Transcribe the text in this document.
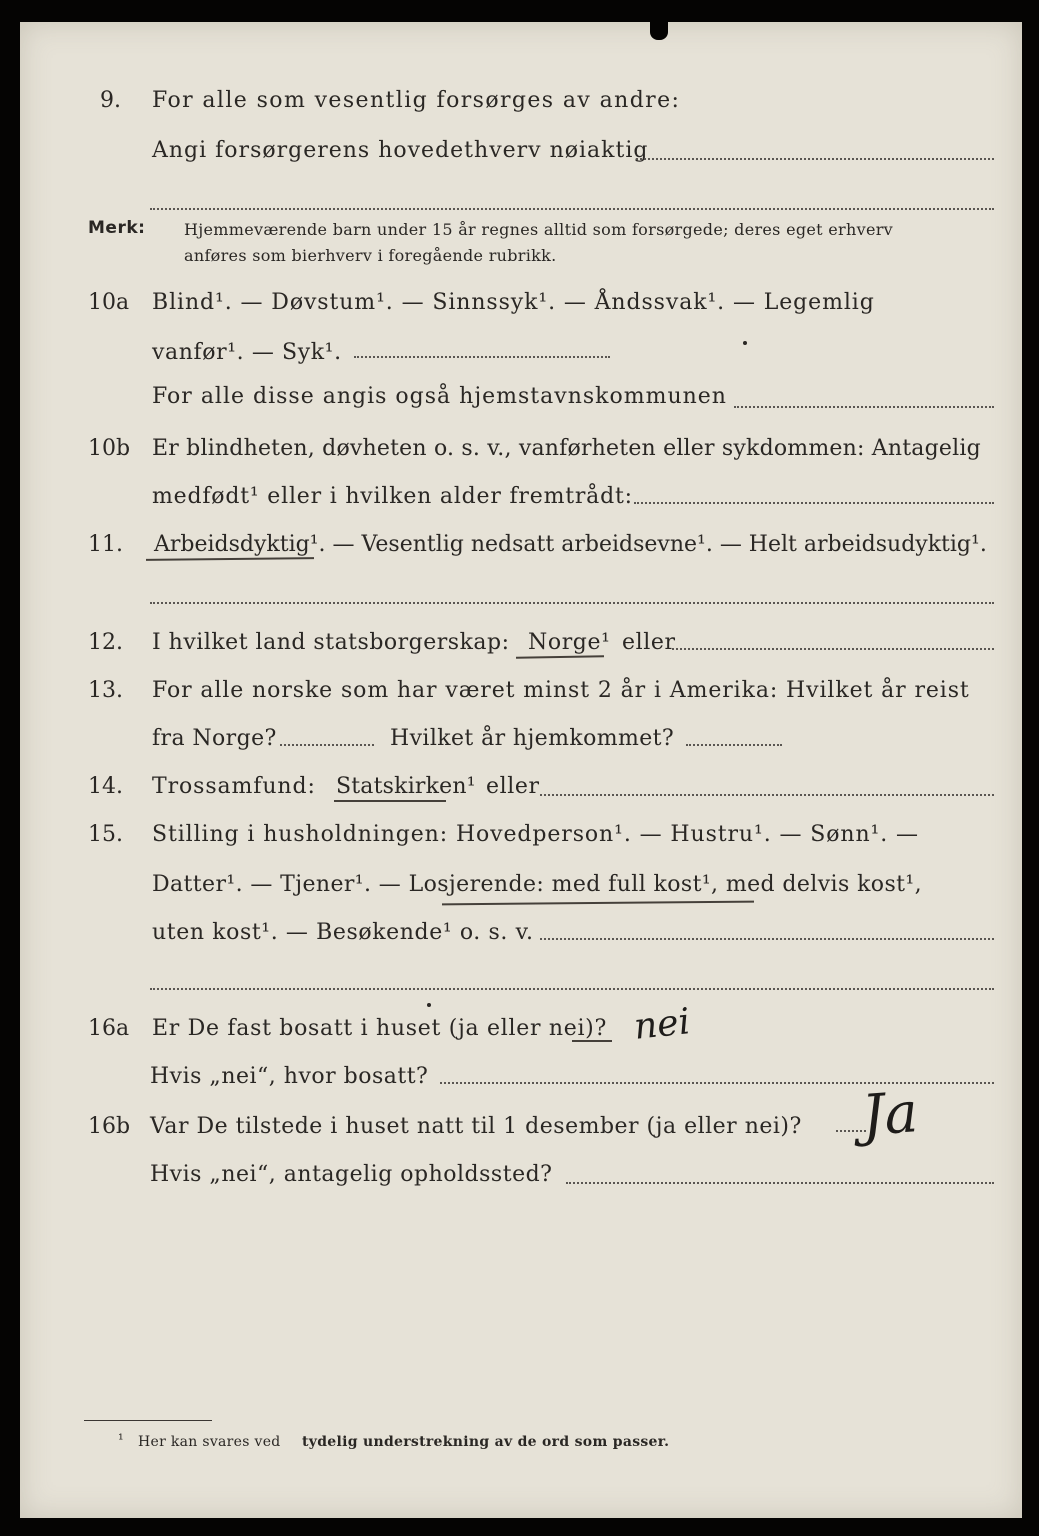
9. For alle som vesentlig forsørges av andre:
Angi forsørgerens hovedethverv nøiaktig
Merk: Hjemmeværende barn under 15 år regnes alltid som forsørgede; deres eget erhverv
anføres som bierhverv i foregående rubrikk.
10a Blind¹. — Døvstum¹. — Sinnssyk¹. — Åndssvak¹. — Legemlig
vanfør¹. — Syk¹.
For alle disse angis også hjemstavnskommunen
10b Er blindheten, døvheten o. s. v., vanførheten eller sykdommen: Antagelig
medfødt¹ eller i hvilken alder fremtrådt:
11. Arbeidsdyktig¹. — Vesentlig nedsatt arbeidsevne¹. — Helt arbeidsudyktig¹.
12. I hvilket land statsborgerskap: Norge¹ eller
13. For alle norske som har været minst 2 år i Amerika: Hvilket år reist
fra Norge?	Hvilket år hjemkommet?
14. Trossamfund: Statskirken¹ eller
15. Stilling i husholdningen: Hovedperson¹. — Hustru¹. — Sønn¹. —
Datter¹. — Tjener¹. — Losjerende: med full kost¹, med delvis kost¹,
uten kost¹. — Besøkende¹ o. s. v.
16a Er De fast bosatt i huset (ja eller nei)? nei
Hvis „nei“, hvor bosatt?
16b Var De tilstede i huset natt til 1 desember (ja eller nei)? Ja
Hvis „nei“, antagelig opholdssted?
¹ Her kan svares ved tydelig understrekning av de ord som passer.
